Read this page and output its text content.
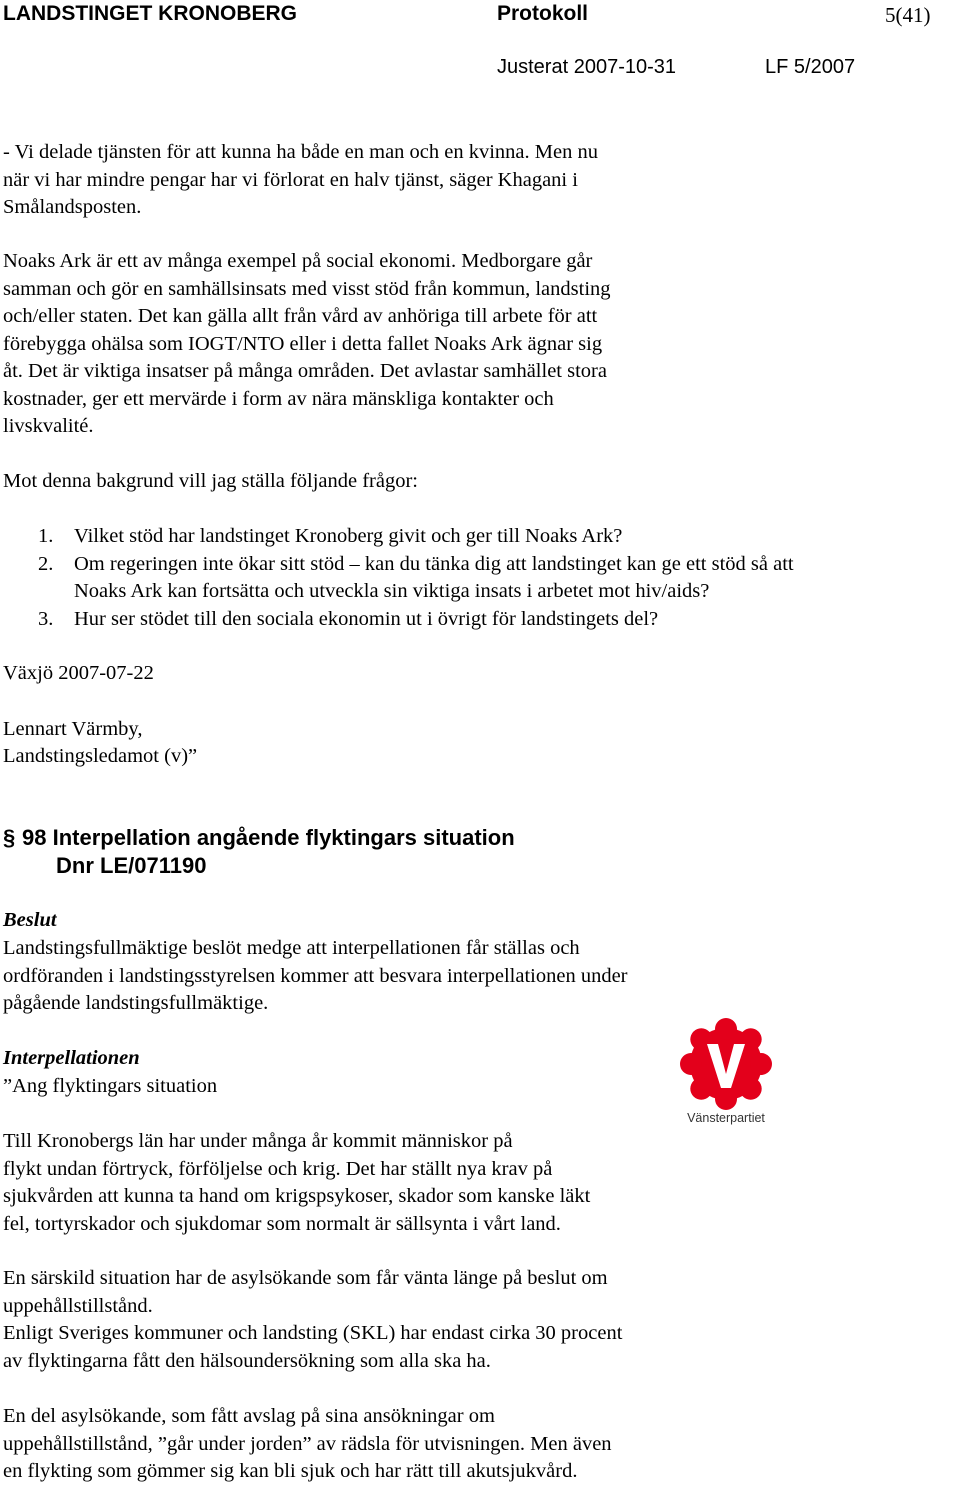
LANDSTINGET KRONOBERG	Protokoll	5(41)
Justerat 2007-10-31	LF 5/2007
- Vi delade tjänsten för att kunna ha både en man och en kvinna. Men nu
när vi har mindre pengar har vi förlorat en halv tjänst, säger Khagani i
Smålandsposten.
Noaks Ark är ett av många exempel på social ekonomi. Medborgare går
samman och gör en samhällsinsats med visst stöd från kommun, landsting
och/eller staten. Det kan gälla allt från vård av anhöriga till arbete för att
förebygga ohälsa som IOGT/NTO eller i detta fallet Noaks Ark ägnar sig
åt. Det är viktiga insatser på många områden. Det avlastar samhället stora
kostnader, ger ett mervärde i form av nära mänskliga kontakter och
livskvalité.
Mot denna bakgrund vill jag ställa följande frågor:
1. Vilket stöd har landstinget Kronoberg givit och ger till Noaks Ark?
2. Om regeringen inte ökar sitt stöd – kan du tänka dig att landstinget kan ge ett stöd så att
Noaks Ark kan fortsätta och utveckla sin viktiga insats i arbetet mot hiv/aids?
3. Hur ser stödet till den sociala ekonomin ut i övrigt för landstingets del?
Växjö 2007-07-22
Lennart Värmby,
Landstingsledamot (v)”
§ 98 Interpellation angående flyktingars situation
Dnr LE/071190
Beslut
Landstingsfullmäktige beslöt medge att interpellationen får ställas och
ordföranden i landstingsstyrelsen kommer att besvara interpellationen under
pågående landstingsfullmäktige.
Interpellationen
”Ang flyktingars situation
Vänsterpartiet
Till Kronobergs län har under många år kommit människor på
flykt undan förtryck, förföljelse och krig. Det har ställt nya krav på
sjukvården att kunna ta hand om krigspsykoser, skador som kanske läkt
fel, tortyrskador och sjukdomar som normalt är sällsynta i vårt land.
En särskild situation har de asylsökande som får vänta länge på beslut om
uppehållstillstånd.
Enligt Sveriges kommuner och landsting (SKL) har endast cirka 30 procent
av flyktingarna fått den hälsoundersökning som alla ska ha.
En del asylsökande, som fått avslag på sina ansökningar om
uppehållstillstånd, ”går under jorden” av rädsla för utvisningen. Men även
en flykting som gömmer sig kan bli sjuk och har rätt till akutsjukvård.
